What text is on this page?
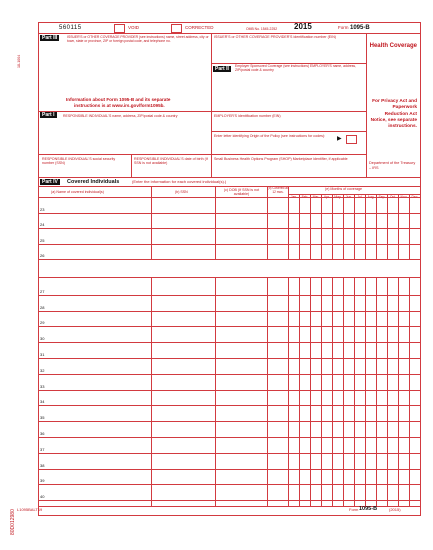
18-1004
80D012980
560115	VOID	CORRECTED	OMB No. 1545-2252 2015	Form 1095-B
Part III	ISSUER'S or OTHER COVERAGE PROVIDER (see instructions) name, street address, city or town, state or province, ZIP or foreign postal code, and telephone no.
ISSUER'S or OTHER COVERAGE PROVIDER'S identification number (EIN)
Part II	Employer Sponsored Coverage (see instructions) EMPLOYER'S name, address, ZIP/postal code & country
Health Coverage
For Privacy Act and Paperwork Reduction Act Notice, see separate instructions.
Department of the Treasury – IRS
Information about Form 1095-B and its separate
instructions is at www.irs.gov/form1095b.
Part I	RESPONSIBLE INDIVIDUAL'S name, address, ZIP/postal code & country	EMPLOYER'S identification number (EIN)
Enter letter identifying Origin of the Policy (see instructions for codes):	▶
RESPONSIBLE INDIVIDUAL'S social security number (SSN)
RESPONSIBLE INDIVIDUAL'S date of birth (If SSN is not available)
Small Business Health Options Program (SHOP) Marketplace identifier, if applicable
Part IV	Covered Individuals	(Enter the information for each covered individual(s).)
(a) Name of covered individual(s)	(b) SSN	(c) DOB (If SSN is not available)
(d) Covered all 12 mos.
(e) Months of coverage
Jan	Feb	Mar	Apr	May	Jun	Jul	Aug	Sep	Oct	Nov	Dec
23
24
25
26
27
28
29
30
31
32
33
34
35
36
37
38
39
40
L1095BALT19	Form 1095-B	(2015)
